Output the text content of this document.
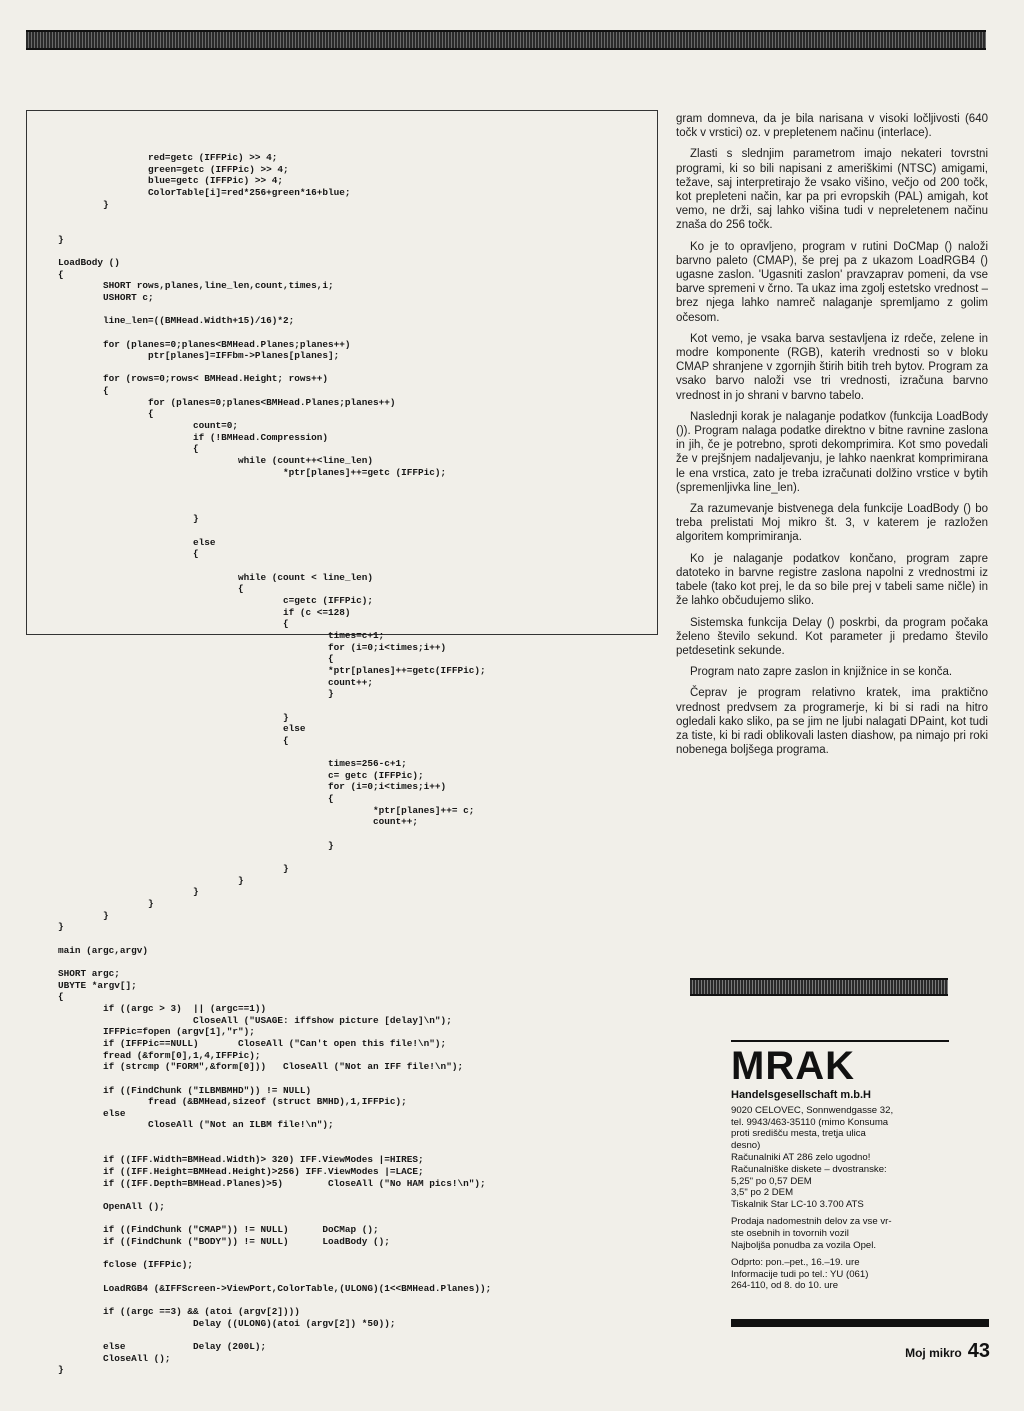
red=getc (IFFPic) >> 4;
green=getc (IFFPic) >> 4;
blue=getc (IFFPic) >> 4;
ColorTable[i]=red*256+green*16+blue;
}

}

LoadBody ()
{
SHORT rows,planes,line_len,count,times,i;
USHORT c;

line_len=((BMHead.Width+15)/16)*2;

for (planes=0;planes<BMHead.Planes;planes++)
ptr[planes]=IFFbm->Planes[planes];

for (rows=0;rows< BMHead.Height; rows++)
{
for (planes=0;planes<BMHead.Planes;planes++)
{
count=0;
if (!BMHead.Compression)
{
while (count++<line_len)
*ptr[planes]++=getc (IFFPic);

}

else
{

while (count < line_len)
{
c=getc (IFFPic);
if (c <=128)
{
times=c+1;
for (i=0;i<times;i++)
{
*ptr[planes]++=getc(IFFPic);
count++;
}

}
else
{

times=256-c+1;
c= getc (IFFPic);
for (i=0;i<times;i++)
{
*ptr[planes]++= c;
count++;

}

}
}
}
}
}
}

main (argc,argv)

SHORT argc;
UBYTE *argv[];
{
if ((argc > 3)  || (argc==1))
CloseAll ("USAGE: iffshow picture [delay]\n");
IFFPic=fopen (argv[1],"r");
if (IFFPic==NULL)       CloseAll ("Can't open this file!\n");
fread (&form[0],1,4,IFFPic);
if (strcmp ("FORM",&form[0]))   CloseAll ("Not an IFF file!\n");

if ((FindChunk ("ILBMBMHD")) != NULL)
fread (&BMHead,sizeof (struct BMHD),1,IFFPic);
else
CloseAll ("Not an ILBM file!\n");

if ((IFF.Width=BMHead.Width)> 320) IFF.ViewModes |=HIRES;
if ((IFF.Height=BMHead.Height)>256) IFF.ViewModes |=LACE;
if ((IFF.Depth=BMHead.Planes)>5)        CloseAll ("No HAM pics!\n");

OpenAll ();

if ((FindChunk ("CMAP")) != NULL)      DoCMap ();
if ((FindChunk ("BODY")) != NULL)      LoadBody ();

fclose (IFFPic);

LoadRGB4 (&IFFScreen->ViewPort,ColorTable,(ULONG)(1<<BMHead.Planes));

if ((argc ==3) && (atoi (argv[2])))
Delay ((ULONG)(atoi (argv[2]) *50));

else            Delay (200L);
CloseAll ();
}

gram domneva, da je bila narisana v visoki ločljivosti (640 točk v vrstici) oz. v prepletenem načinu (interlace).

Zlasti s slednjim parametrom imajo nekateri tovrstni programi, ki so bili napisani z ameriškimi (NTSC) amigami, težave, saj interpretirajo že vsako višino, večjo od 200 točk, kot prepleteni način, kar pa pri evropskih (PAL) amigah, kot vemo, ne drži, saj lahko višina tudi v nepreletenem načinu znaša do 256 točk.

Ko je to opravljeno, program v rutini DoCMap () naloži barvno paleto (CMAP), še prej pa z ukazom LoadRGB4 () ugasne zaslon. 'Ugasniti zaslon' pravzaprav pomeni, da vse barve spremeni v črno. Ta ukaz ima zgolj estetsko vrednost – brez njega lahko namreč nalaganje spremljamo z golim očesom.

Kot vemo, je vsaka barva sestavljena iz rdeče, zelene in modre komponente (RGB), katerih vrednosti so v bloku CMAP shranjene v zgornjih štirih bitih treh bytov. Program za vsako barvo naloži vse tri vrednosti, izračuna barvno vrednost in jo shrani v barvno tabelo.

Naslednji korak je nalaganje podatkov (funkcija LoadBody ()). Program nalaga podatke direktno v bitne ravnine zaslona in jih, če je potrebno, sproti dekomprimira. Kot smo povedali že v prejšnjem nadaljevanju, je lahko naenkrat komprimirana le ena vrstica, zato je treba izračunati dolžino vrstice v bytih (spremenljivka line_len).

Za razumevanje bistvenega dela funkcije LoadBody () bo treba prelistati Moj mikro št. 3, v katerem je razložen algoritem komprimiranja.

Ko je nalaganje podatkov končano, program zapre datoteko in barvne registre zaslona napolni z vrednostmi iz tabele (tako kot prej, le da so bile prej v tabeli same ničle) in že lahko občudujemo sliko.

Sistemska funkcija Delay () poskrbi, da program počaka želeno število sekund. Kot parameter ji predamo število petdesetink sekunde.

Program nato zapre zaslon in knjižnice in se konča.

Čeprav je program relativno kratek, ima praktično vrednost predvsem za programerje, ki bi si radi na hitro ogledali kako sliko, pa se jim ne ljubi nalagati DPaint, kot tudi za tiste, ki bi radi oblikovali lasten diashow, pa nimajo pri roki nobenega boljšega programa.

MRAK
Handelsgesellschaft m.b.H
9020 CELOVEC, Sonnwendgasse 32,
tel. 9943/463-35110 (mimo Konsuma
proti središču mesta, tretja ulica
desno)
Računalniki AT 286 zelo ugodno!
Računalniške diskete – dvostranske:
5,25" po 0,57 DEM
3,5" po 2 DEM
Tiskalnik Star LC-10 3.700 ATS
Prodaja nadomestnih delov za vse vr-
ste osebnih in tovornih vozil
Najboljša ponudba za vozila Opel.
Odprto: pon.–pet., 16.–19. ure
Informacije tudi po tel.: YU (061)
264-110, od 8. do 10. ure
Moj mikro 43
